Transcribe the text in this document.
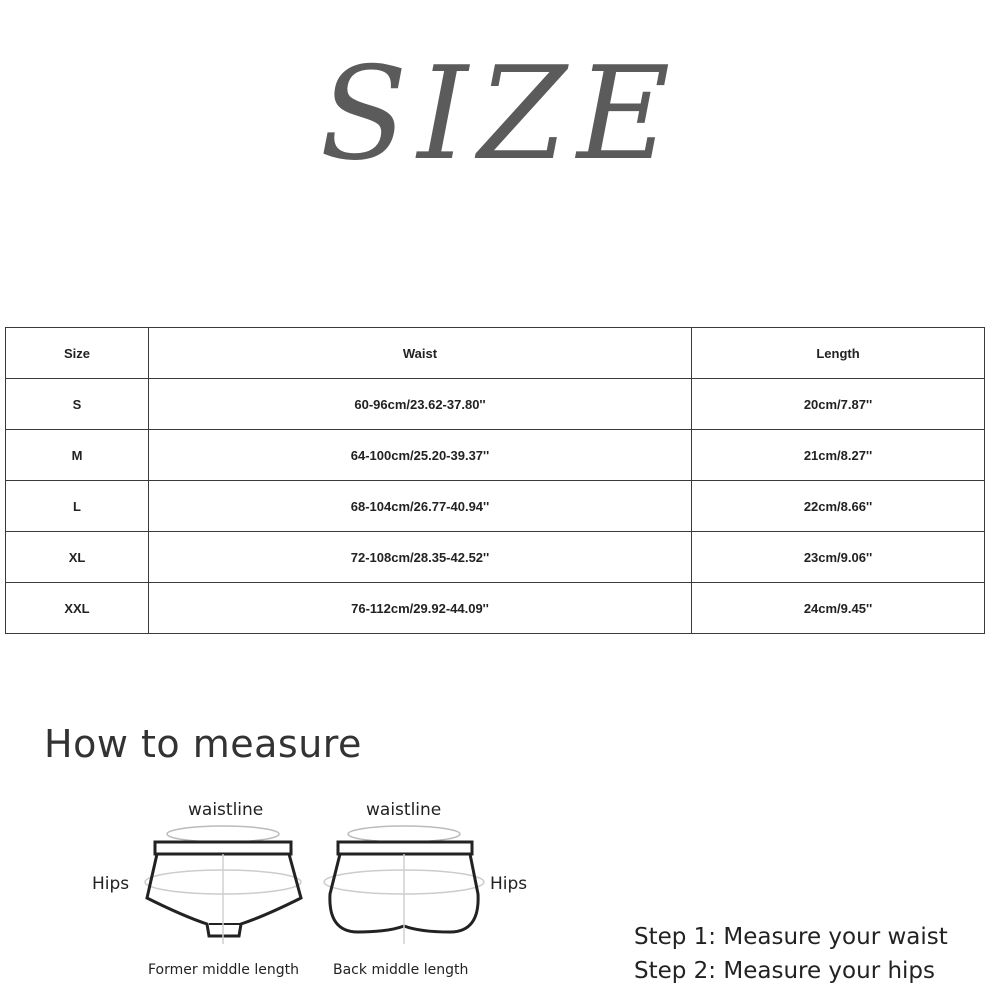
SIZE
Size	Waist	Length
S	60-96cm/23.62-37.80''	20cm/7.87''
M	64-100cm/25.20-39.37''	21cm/8.27''
L	68-104cm/26.77-40.94''	22cm/8.66''
XL	72-108cm/28.35-42.52''	23cm/9.06''
XXL	76-112cm/29.92-44.09''	24cm/9.45''
How to measure
waistline
Hips
Former middle length
waistline
Hips
Back middle length
Step 1: Measure your waist
Step 2: Measure your hips
